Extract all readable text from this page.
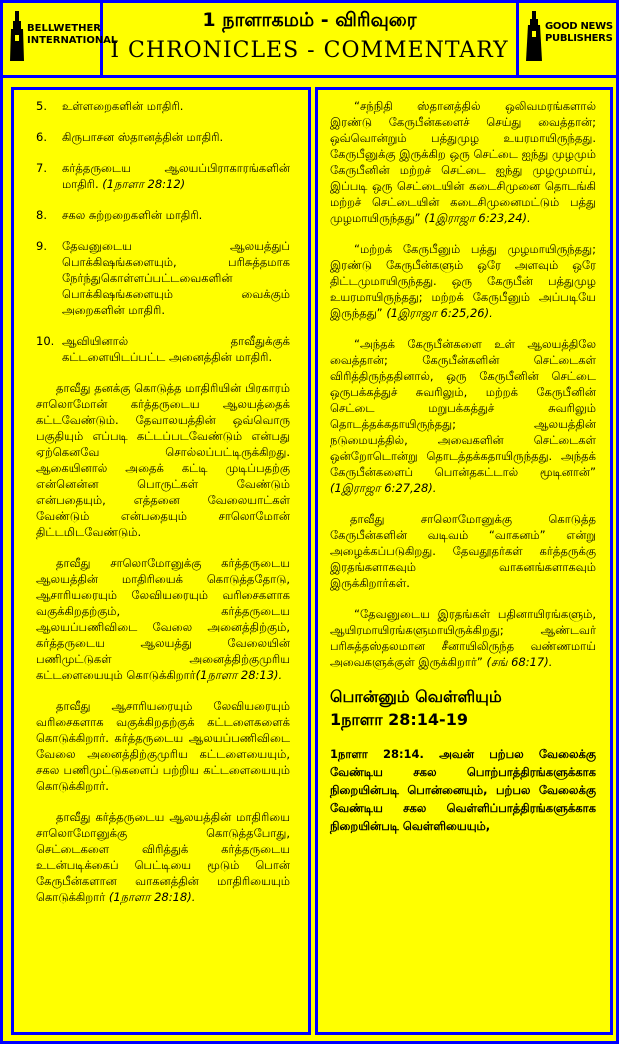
BELLWETHER
INTERNATIONAL
1 நாளாகமம் - விரிவுரை
I CHRONICLES - COMMENTARY
GOOD NEWS
PUBLISHERS
5.	உள்ளறைகளின் மாதிரி.
6.	கிருபாசன ஸ்தானத்தின் மாதிரி.
7.	கர்த்தருடைய ஆலயப்பிராகாரங்களின் மாதிரி. (1நாளா 28:12)
8.	சகல சுற்றறைகளின் மாதிரி.
9.	தேவனுடைய ஆலயத்துப் பொக்கிஷங்களையும், பரிசுத்தமாக நேர்ந்துகொள்ளப்பட்டவைகளின் பொக்கிஷங்களையும் வைக்கும் அறைகளின் மாதிரி.
10. ஆவியினால் தாவீதுக்குக் கட்டளையிடப்பட்ட அனைத்தின் மாதிரி.

தாவீது தனக்கு கொடுத்த மாதிரியின் பிரகாரம் சாலொமோன் கர்த்தருடைய ஆலயத்தைக் கட்டவேண்டும். தேவாலயத்தின் ஒவ்வொரு பகுதியும் எப்படி கட்டப்படவேண்டும் என்பது ஏற்கெனவே சொல்லப்பட்டிருக்கிறது. ஆகையினால் அதைக் கட்டி முடிப்பதற்கு என்னென்ன பொருட்கள் வேண்டும் என்பதையும், எத்தனை வேலையாட்கள் வேண்டும் என்பதையும் சாலொமோன் திட்டமிடவேண்டும்.

தாவீது சாலொமோனுக்கு கர்த்தருடைய ஆலயத்தின் மாதிரியைக் கொடுத்ததோடு, ஆசாரியரையும் லேவியரையும் வரிசைகளாக வகுக்கிறதற்கும், கர்த்தருடைய ஆலயப்பணிவிடை வேலை அனைத்திற்கும், கர்த்தருடைய ஆலயத்து வேலையின் பணிமுட்டுகள் அனைத்திற்குமுரிய கட்டளையையும் கொடுக்கிறார்(1நாளா 28:13).

தாவீது ஆசாரியரையும் லேவியரையும் வரிசைகளாக வகுக்கிறதற்குக் கட்டளைகளைக் கொடுக்கிறார். கர்த்தருடைய ஆலயப்பணிவிடை வேலை அனைத்திற்குமுரிய கட்டளையையும், சகல பணிமுட்டுகளைப் பற்றிய கட்டளையையும் கொடுக்கிறார்.

தாவீது கர்த்தருடைய ஆலயத்தின் மாதிரியை சாலொமோனுக்கு கொடுத்தபோது, செட்டைகளை விரித்துக் கர்த்தருடைய உடன்படிக்கைப் பெட்டியை மூடும் பொன் கேருபீன்களான வாகனத்தின் மாதிரியையும் கொடுக்கிறார் (1நாளா 28:18).

“சந்நிதி ஸ்தானத்தில் ஒலிவமரங்களால் இரண்டு கேருபீன்களைச் செய்து வைத்தான்; ஒவ்வொன்றும் பத்துமுழ உயரமாயிருந்தது. கேருபீனுக்கு இருக்கிற ஒரு செட்டை ஐந்து முழமும் கேருபீனின் மற்றச் செட்டை ஐந்து முழமுமாய், இப்படி ஒரு செட்டையின் கடைசிமுனை தொடங்கி மற்றச் செட்டையின் கடைசிமுனைமட்டும் பத்து முழமாயிருந்தது” (1இராஜா 6:23,24).

“மற்றக் கேருபீனும் பத்து முழமாயிருந்தது; இரண்டு கேருபீன்களும் ஒரே அளவும் ஒரே திட்டமுமாயிருந்தது. ஒரு கேருபீன் பத்துமுழ உயரமாயிருந்தது; மற்றக் கேருபீனும் அப்படியே இருந்தது” (1இராஜா 6:25,26).

“அந்தக் கேருபீன்களை உள் ஆலயத்திலே வைத்தான்; கேருபீன்களின் செட்டைகள் விரித்திருந்ததினால், ஒரு கேருபீனின் செட்டை ஒருபக்கத்துச் சுவரிலும், மற்றக் கேருபீனின் செட்டை மறுபக்கத்துச் சுவரிலும் தொடத்தக்கதாயிருந்தது; ஆலயத்தின் நடுமையத்தில், அவைகளின் செட்டைகள் ஒன்றோடொன்று தொடத்தக்கதாயிருந்தது. அந்தக் கேருபீன்களைப் பொன்தகட்டால் மூடினான்” (1இராஜா 6:27,28).

தாவீது சாலொமோனுக்கு கொடுத்த கேருபீன்களின் வடிவம் “வாகனம்” என்று அழைக்கப்படுகிறது. தேவதூதர்கள் கர்த்தருக்கு இரதங்களாகவும் வாகனங்களாகவும் இருக்கிறார்கள்.

“தேவனுடைய இரதங்கள் பதினாயிரங்களும், ஆயிரமாயிரங்களுமாயிருக்கிறது; ஆண்டவர் பரிசுத்தஸ்தலமான சீனாயிலிருந்த வண்ணமாய் அவைகளுக்குள் இருக்கிறார்” (சங் 68:17).

பொன்னும் வெள்ளியும்
1நாளா 28:14-19

1நாளா 28:14. அவன் பற்பல வேலைக்கு வேண்டிய சகல பொற்பாத்திரங்களுக்காக நிறையின்படி பொன்னையும், பற்பல வேலைக்கு வேண்டிய சகல வெள்ளிப்பாத்திரங்களுக்காக நிறையின்படி வெள்ளியையும்,
